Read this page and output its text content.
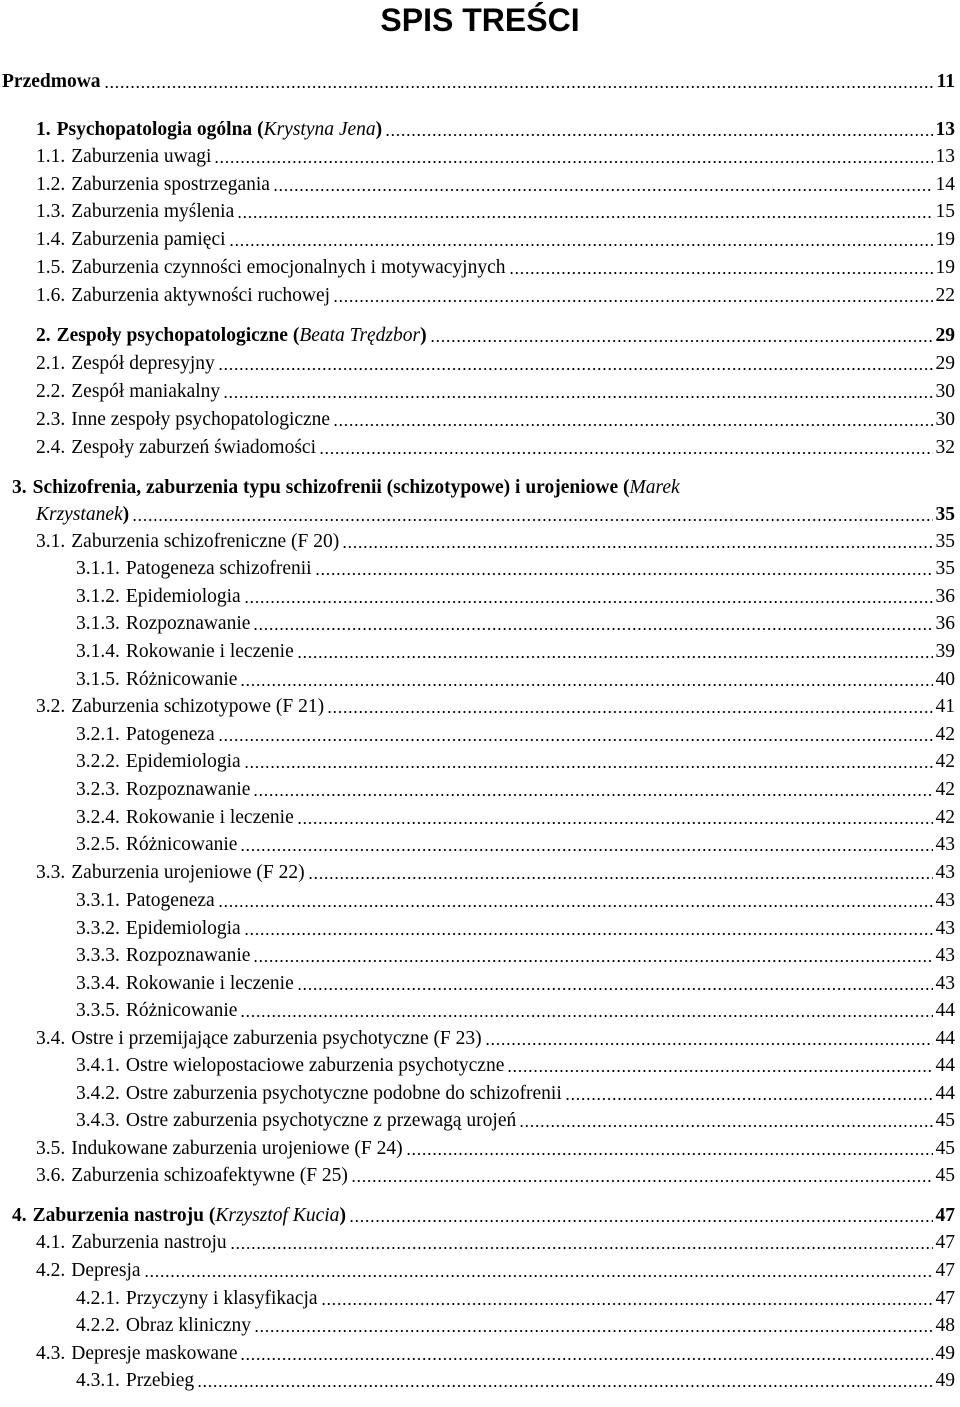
SPIS TREŚCI
Przedmowa	11
1. Psychopatologia ogólna (Krystyna Jena)	13
1.1. Zaburzenia uwagi	13
1.2. Zaburzenia spostrzegania	14
1.3. Zaburzenia myślenia	15
1.4. Zaburzenia pamięci	19
1.5. Zaburzenia czynności emocjonalnych i motywacyjnych	19
1.6. Zaburzenia aktywności ruchowej	22
2. Zespoły psychopatologiczne (Beata Trędzbor)	29
2.1. Zespół depresyjny	29
2.2. Zespół maniakalny	30
2.3. Inne zespoły psychopatologiczne	30
2.4. Zespoły zaburzeń świadomości	32
3. Schizofrenia, zaburzenia typu schizofrenii (schizotypowe) i urojeniowe ( Marek
Krzystanek)	35
3.1. Zaburzenia schizofreniczne (F 20)	35
3.1.1. Patogeneza schizofrenii	35
3.1.2. Epidemiologia	36
3.1.3. Rozpoznawanie	36
3.1.4. Rokowanie i leczenie	39
3.1.5. Różnicowanie	40
3.2. Zaburzenia schizotypowe (F 21)	41
3.2.1. Patogeneza	42
3.2.2. Epidemiologia	42
3.2.3. Rozpoznawanie	42
3.2.4. Rokowanie i leczenie	42
3.2.5. Różnicowanie	43
3.3. Zaburzenia urojeniowe (F 22)	43
3.3.1. Patogeneza	43
3.3.2. Epidemiologia	43
3.3.3. Rozpoznawanie	43
3.3.4. Rokowanie i leczenie	43
3.3.5. Różnicowanie	44
3.4. Ostre i przemijające zaburzenia psychotyczne (F 23)	44
3.4.1. Ostre wielopostaciowe zaburzenia psychotyczne	44
3.4.2. Ostre zaburzenia psychotyczne podobne do schizofrenii	44
3.4.3. Ostre zaburzenia psychotyczne z przewagą urojeń	45
3.5. Indukowane zaburzenia urojeniowe (F 24)	45
3.6. Zaburzenia schizoafektywne (F 25)	45
4. Zaburzenia nastroju (Krzysztof Kucia)	47
4.1. Zaburzenia nastroju	47
4.2. Depresja	47
4.2.1. Przyczyny i klasyfikacja	47
4.2.2. Obraz kliniczny	48
4.3. Depresje maskowane	49
4.3.1. Przebieg	49
